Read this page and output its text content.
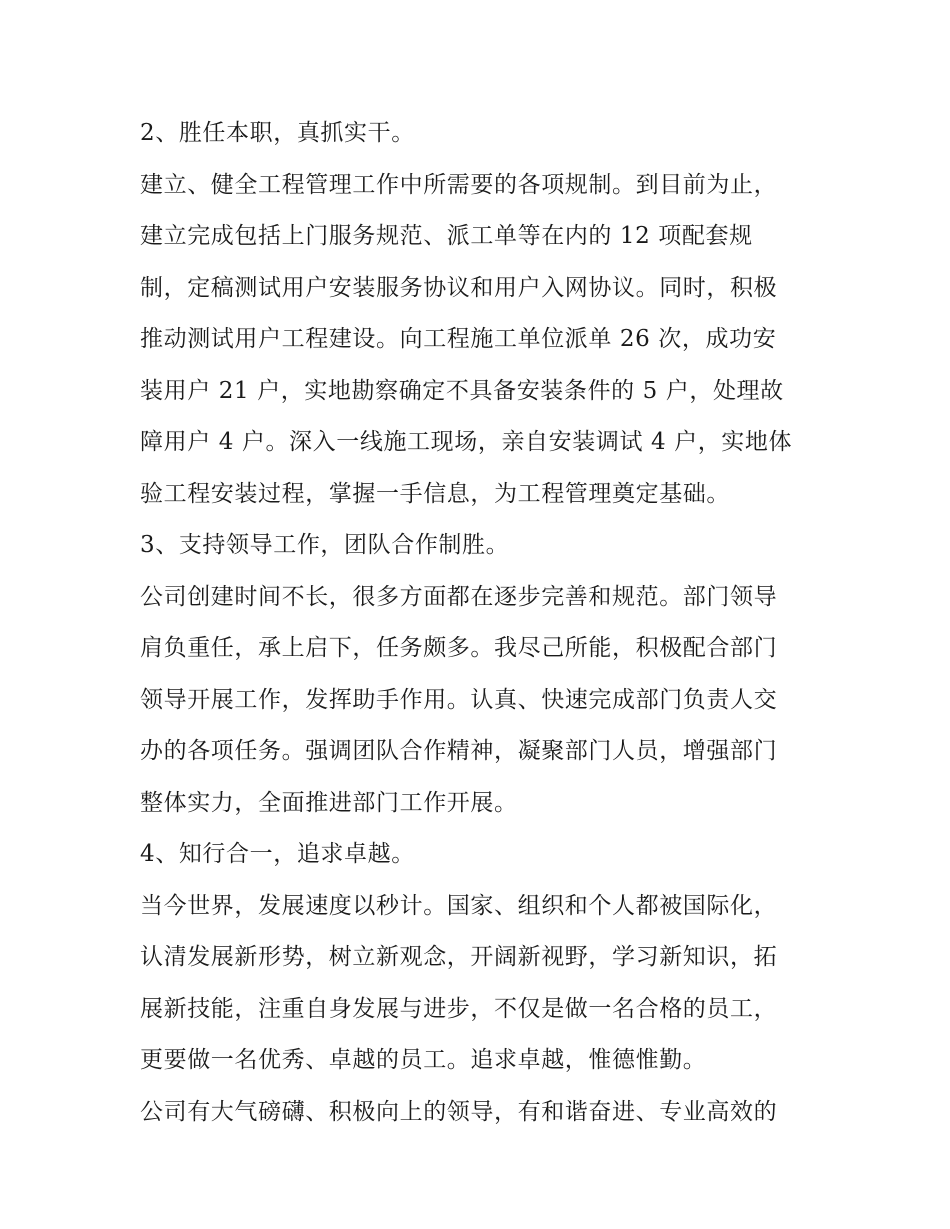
2、胜任本职，真抓实干。
建立、健全工程管理工作中所需要的各项规制。到目前为止，
建立完成包括上门服务规范、派工单等在内的 12 项配套规
制，定稿测试用户安装服务协议和用户入网协议。同时，积极
推动测试用户工程建设。向工程施工单位派单 26 次，成功安
装用户 21 户，实地勘察确定不具备安装条件的 5 户，处理故
障用户 4 户。深入一线施工现场，亲自安装调试 4 户，实地体
验工程安装过程，掌握一手信息，为工程管理奠定基础。
3、支持领导工作，团队合作制胜。
公司创建时间不长，很多方面都在逐步完善和规范。部门领导
肩负重任，承上启下，任务颇多。我尽己所能，积极配合部门
领导开展工作，发挥助手作用。认真、快速完成部门负责人交
办的各项任务。强调团队合作精神，凝聚部门人员，增强部门
整体实力，全面推进部门工作开展。
4、知行合一，追求卓越。
当今世界，发展速度以秒计。国家、组织和个人都被国际化，
认清发展新形势，树立新观念，开阔新视野，学习新知识，拓
展新技能，注重自身发展与进步，不仅是做一名合格的员工，
更要做一名优秀、卓越的员工。追求卓越，惟德惟勤。
公司有大气磅礴、积极向上的领导，有和谐奋进、专业高效的
